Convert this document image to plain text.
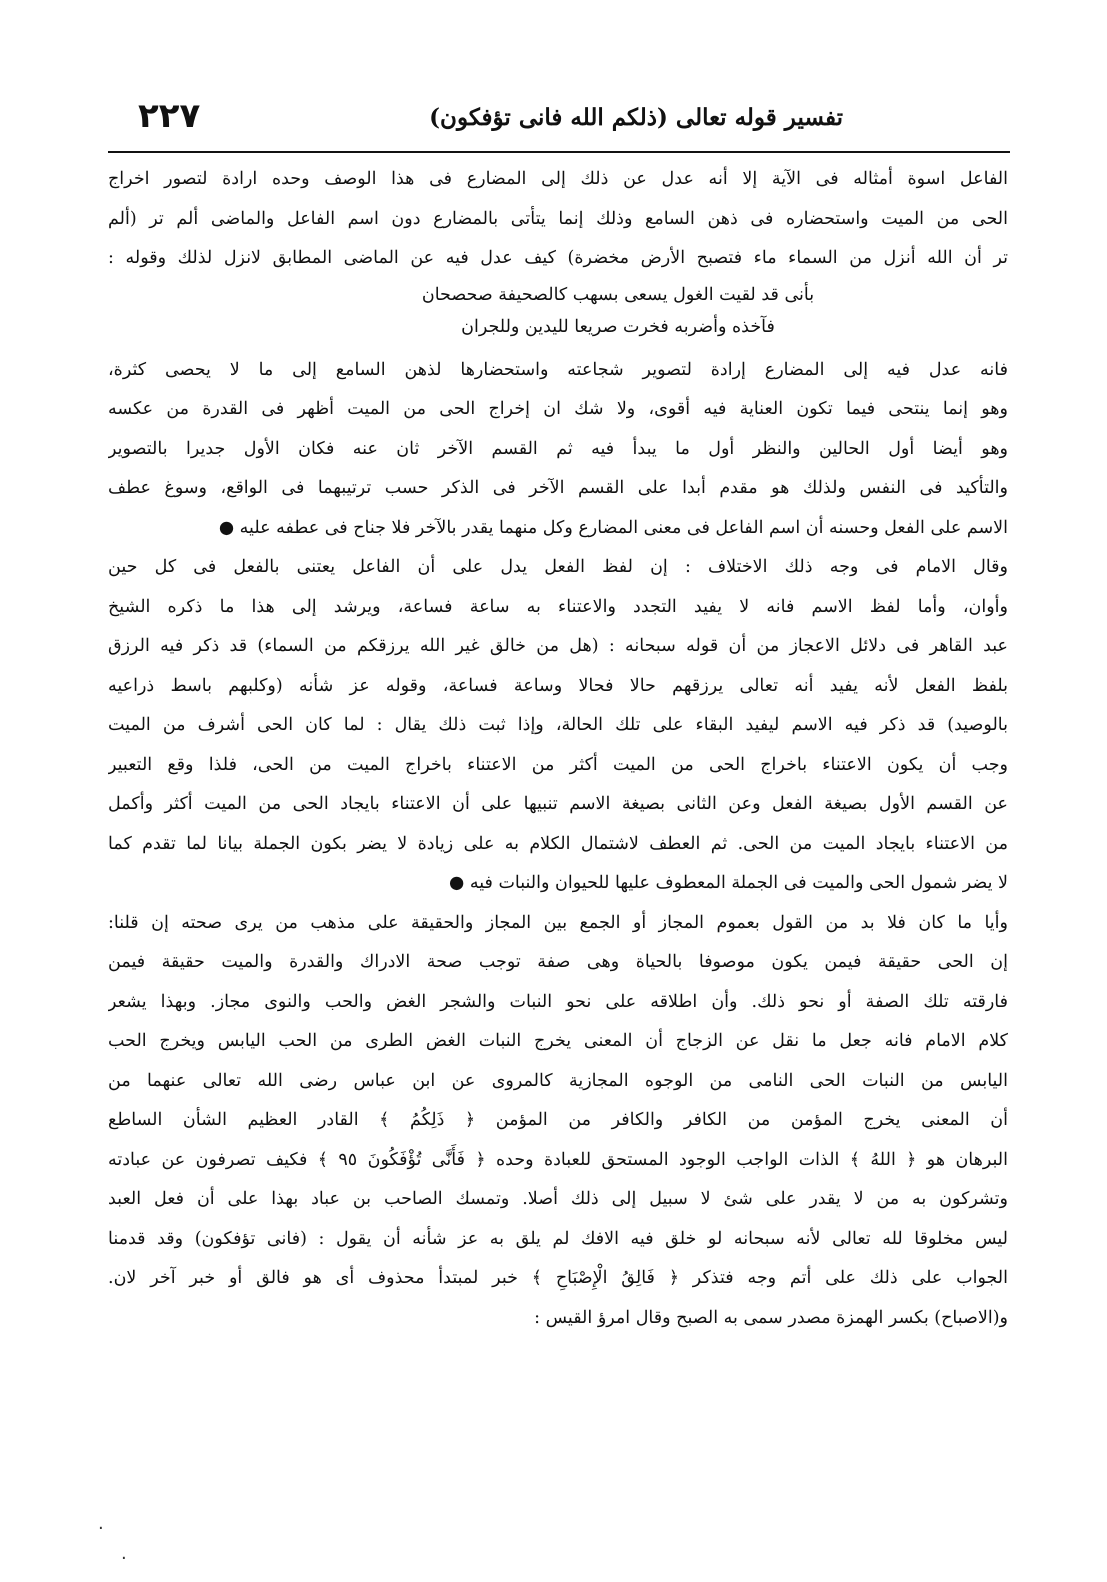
تفسير قوله تعالى (ذلكم الله فانى تؤفكون)
٢٢٧
الفاعل اسوة أمثاله فى الآية إلا أنه عدل عن ذلك إلى المضارع فى هذا الوصف وحده ارادة لتصور اخراج
الحى من الميت واستحضاره فى ذهن السامع وذلك إنما يتأتى بالمضارع دون اسم الفاعل والماضى ألم تر (ألم
تر أن الله أنزل من السماء ماء فتصبح الأرض مخضرة) كيف عدل فيه عن الماضى المطابق لانزل لذلك وقوله :
بأنى قد لقيت الغول يسعى بسهب كالصحيفة صحصحان
فآخذه وأضربه فخرت صريعا لليدين وللجران
فانه عدل فيه إلى المضارع إرادة لتصوير شجاعته واستحضارها لذهن السامع إلى ما لا يحصى كثرة،
وهو إنما ينتحى فيما تكون العناية فيه أقوى، ولا شك ان إخراج الحى من الميت أظهر فى القدرة من عكسه
وهو أيضا أول الحالين والنظر أول ما يبدأ فيه ثم القسم الآخر ثان عنه فكان الأول جديرا بالتصوير
والتأكيد فى النفس ولذلك هو مقدم أبدا على القسم الآخر فى الذكر حسب ترتيبهما فى الواقع، وسوغ عطف
الاسم على الفعل وحسنه أن اسم الفاعل فى معنى المضارع وكل منهما يقدر بالآخر فلا جناح فى عطفه عليه ●
وقال الامام فى وجه ذلك الاختلاف : إن لفظ الفعل يدل على أن الفاعل يعتنى بالفعل فى كل حين
وأوان، وأما لفظ الاسم فانه لا يفيد التجدد والاعتناء به ساعة فساعة، ويرشد إلى هذا ما ذكره الشيخ
عبد القاهر فى دلائل الاعجاز من أن قوله سبحانه : (هل من خالق غير الله يرزقكم من السماء) قد ذكر فيه الرزق
بلفظ الفعل لأنه يفيد أنه تعالى يرزقهم حالا فحالا وساعة فساعة، وقوله عز شأنه (وكلبهم باسط ذراعيه
بالوصيد) قد ذكر فيه الاسم ليفيد البقاء على تلك الحالة، وإذا ثبت ذلك يقال : لما كان الحى أشرف من الميت
وجب أن يكون الاعتناء باخراج الحى من الميت أكثر من الاعتناء باخراج الميت من الحى، فلذا وقع التعبير
عن القسم الأول بصيغة الفعل وعن الثانى بصيغة الاسم تنبيها على أن الاعتناء بايجاد الحى من الميت أكثر وأكمل
من الاعتناء بايجاد الميت من الحى. ثم العطف لاشتمال الكلام به على زيادة لا يضر بكون الجملة بيانا لما تقدم كما
لا يضر شمول الحى والميت فى الجملة المعطوف عليها للحيوان والنبات فيه ●
وأيا ما كان فلا بد من القول بعموم المجاز أو الجمع بين المجاز والحقيقة على مذهب من يرى صحته إن قلنا:
إن الحى حقيقة فيمن يكون موصوفا بالحياة وهى صفة توجب صحة الادراك والقدرة والميت حقيقة فيمن
فارقته تلك الصفة أو نحو ذلك. وأن اطلاقه على نحو النبات والشجر الغض والحب والنوى مجاز. وبهذا يشعر
كلام الامام فانه جعل ما نقل عن الزجاج أن المعنى يخرج النبات الغض الطرى من الحب اليابس ويخرج الحب
اليابس من النبات الحى النامى من الوجوه المجازية كالمروى عن ابن عباس رضى الله تعالى عنهما من
أن المعنى يخرج المؤمن من الكافر والكافر من المؤمن ﴿ ذَلِكُمُ ﴾ القادر العظيم الشأن الساطع
البرهان هو ﴿ اللهُ ﴾ الذات الواجب الوجود المستحق للعبادة وحده ﴿ فَأَنَّى تُؤْفَكُونَ ٩٥ ﴾ فكيف تصرفون عن عبادته
وتشركون به من لا يقدر على شئ لا سبيل إلى ذلك أصلا. وتمسك الصاحب بن عباد بهذا على أن فعل العبد
ليس مخلوقا لله تعالى لأنه سبحانه لو خلق فيه الافك لم يلق به عز شأنه أن يقول : (فانى تؤفكون) وقد قدمنا
الجواب على ذلك على أتم وجه فتذكر ﴿ فَالِقُ الْإِصْبَاحِ ﴾ خبر لمبتدأ محذوف أى هو فالق أو خبر آخر لان.
و(الاصباح) بكسر الهمزة مصدر سمى به الصبح وقال امرؤ القيس :
·
·
